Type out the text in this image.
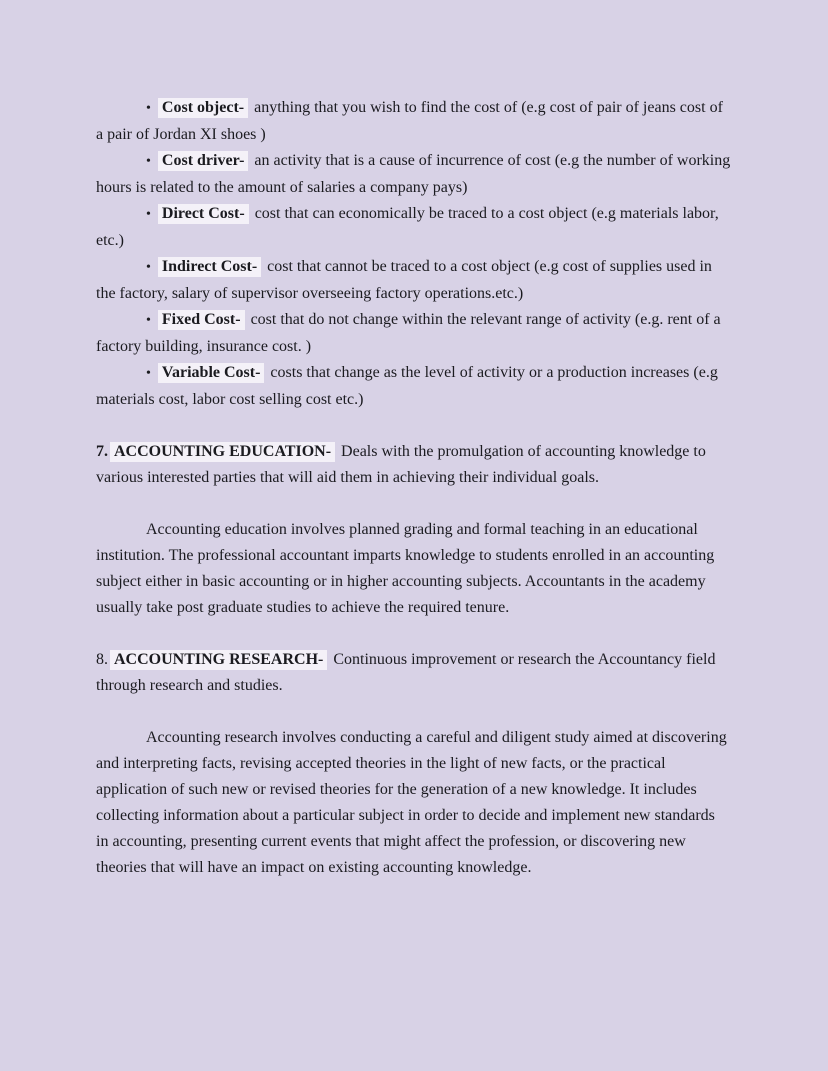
• Cost object- anything that you wish to find the cost of (e.g cost of pair of jeans cost of a pair of Jordan XI shoes )

• Cost driver- an activity that is a cause of incurrence of cost (e.g the number of working hours is related to the amount of salaries a company pays)

• Direct Cost- cost that can economically be traced to a cost object (e.g materials labor, etc.)

• Indirect Cost- cost that cannot be traced to a cost object (e.g cost of supplies used in the factory, salary of supervisor overseeing factory operations.etc.)

• Fixed Cost- cost that do not change within the relevant range of activity (e.g. rent of a factory building, insurance cost. )

• Variable Cost- costs that change as the level of activity or a production increases (e.g materials cost, labor cost selling cost etc.)

7. ACCOUNTING EDUCATION- Deals with the promulgation of accounting knowledge to various interested parties that will aid them in achieving their individual goals.

Accounting education involves planned grading and formal teaching in an educational institution. The professional accountant imparts knowledge to students enrolled in an accounting subject either in basic accounting or in higher accounting subjects. Accountants in the academy usually take post graduate studies to achieve the required tenure.

8. ACCOUNTING RESEARCH- Continuous improvement or research the Accountancy field through research and studies.

Accounting research involves conducting a careful and diligent study aimed at discovering and interpreting facts, revising accepted theories in the light of new facts, or the practical application of such new or revised theories for the generation of a new knowledge. It includes collecting information about a particular subject in order to decide and implement new standards in accounting, presenting current events that might affect the profession, or discovering new theories that will have an impact on existing accounting knowledge.
